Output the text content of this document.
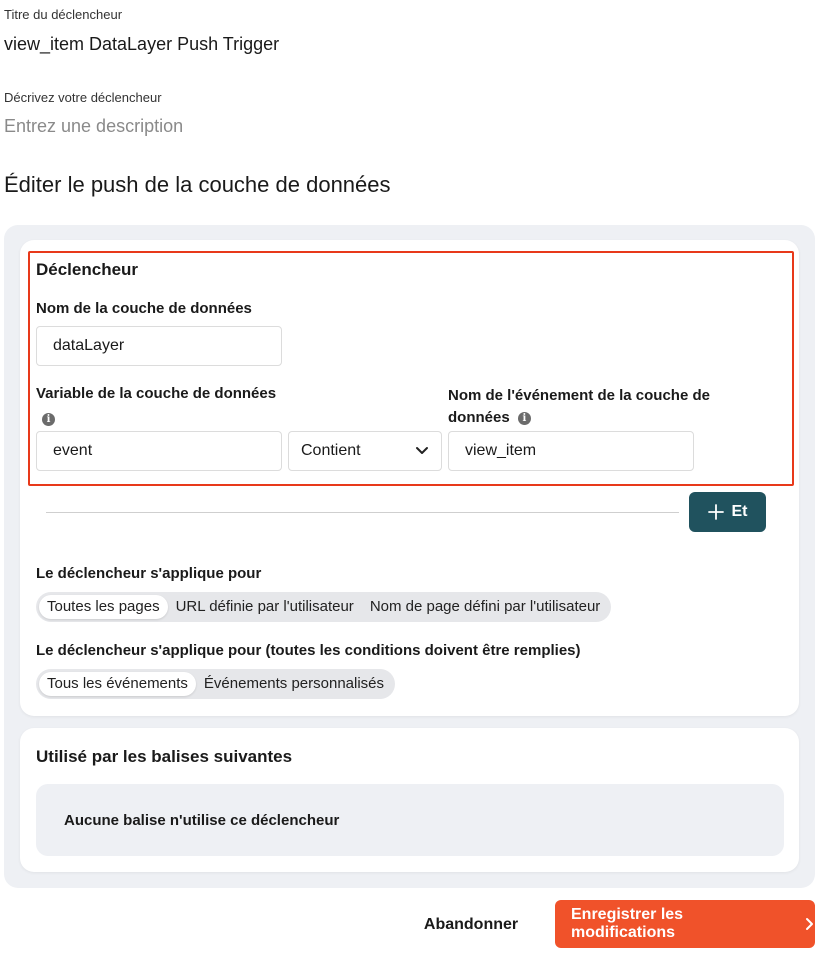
Titre du déclencheur
view_item DataLayer Push Trigger
Décrivez votre déclencheur
Entrez une description
Éditer le push de la couche de données
Déclencheur
Nom de la couche de données
dataLayer
Variable de la couche de données
i
Nom de l'événement de la couche de données i
event	Contient	view_item
Et
Le déclencheur s'applique pour
Toutes les pages	URL définie par l'utilisateur	Nom de page défini par l'utilisateur
Le déclencheur s'applique pour (toutes les conditions doivent être remplies)
Tous les événements	Événements personnalisés
Utilisé par les balises suivantes
Aucune balise n'utilise ce déclencheur
Abandonner
Enregistrer les modifications
